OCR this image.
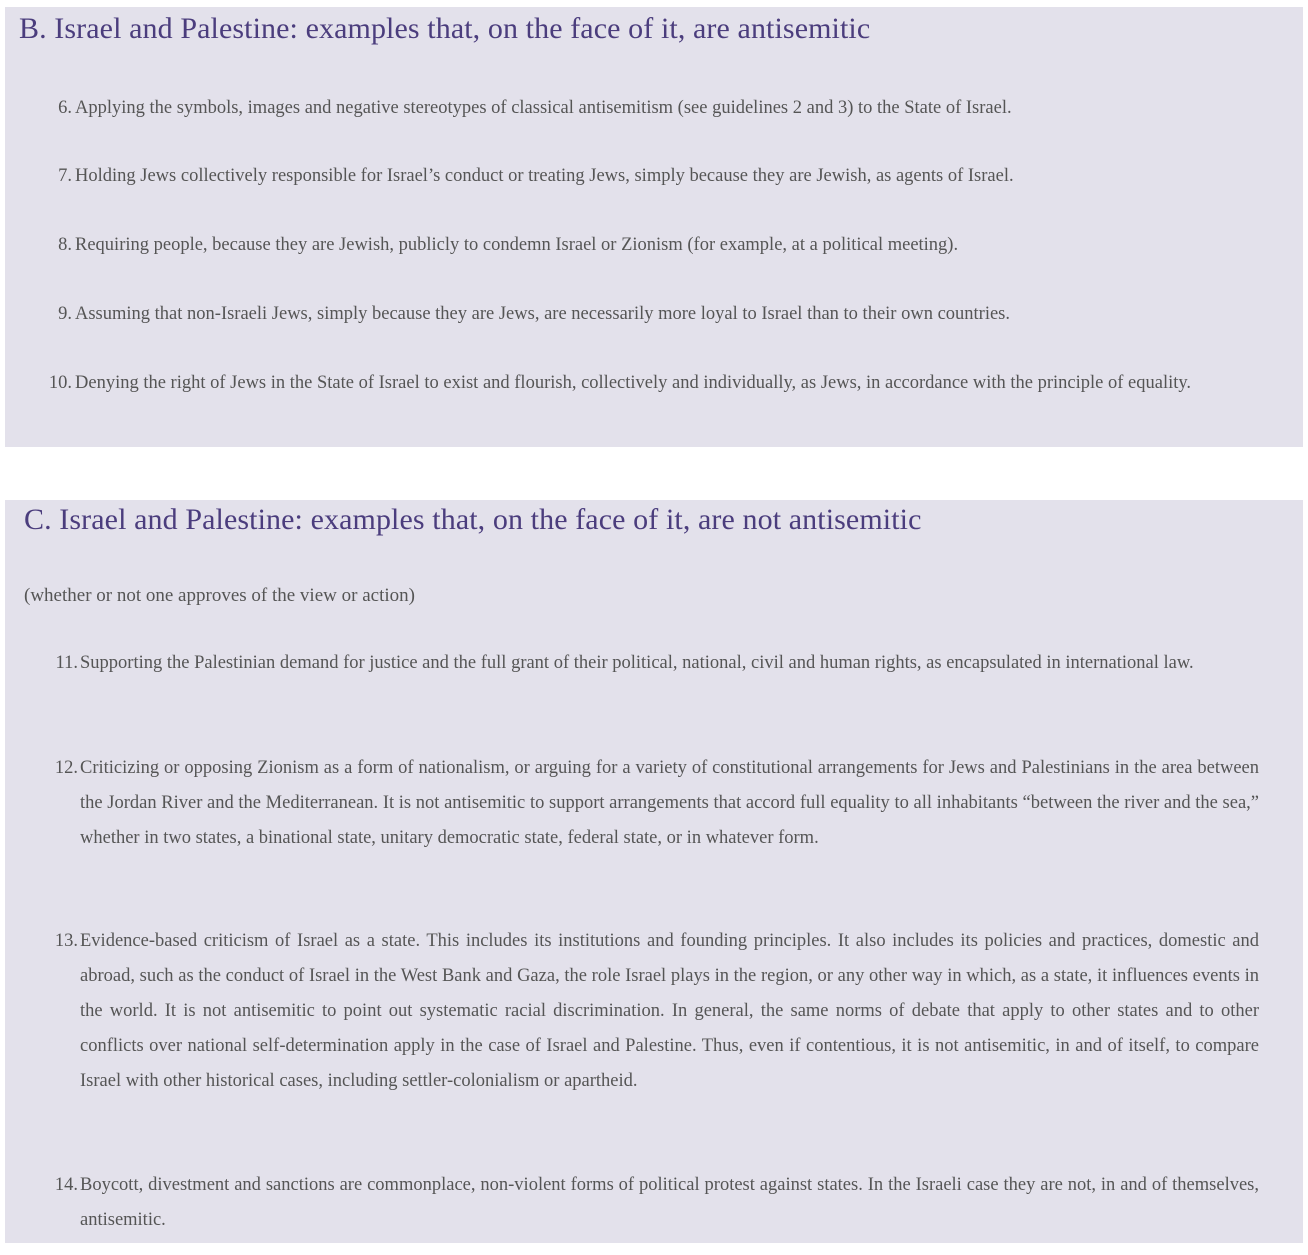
B. Israel and Palestine: examples that, on the face of it, are antisemitic
6. Applying the symbols, images and negative stereotypes of classical antisemitism (see guidelines 2 and 3) to the State of Israel.
7. Holding Jews collectively responsible for Israel’s conduct or treating Jews, simply because they are Jewish, as agents of Israel.
8. Requiring people, because they are Jewish, publicly to condemn Israel or Zionism (for example, at a political meeting).
9. Assuming that non-Israeli Jews, simply because they are Jews, are necessarily more loyal to Israel than to their own countries.
10. Denying the right of Jews in the State of Israel to exist and flourish, collectively and individually, as Jews, in accordance with the principle of equality.
C. Israel and Palestine: examples that, on the face of it, are not antisemitic
(whether or not one approves of the view or action)
11. Supporting the Palestinian demand for justice and the full grant of their political, national, civil and human rights, as encapsulated in international law.
12. Criticizing or opposing Zionism as a form of nationalism, or arguing for a variety of constitutional arrangements for Jews and Palestinians in the area between the Jordan River and the Mediterranean. It is not antisemitic to support arrangements that accord full equality to all inhabitants “between the river and the sea,” whether in two states, a binational state, unitary democratic state, federal state, or in whatever form.
13. Evidence-based criticism of Israel as a state. This includes its institutions and founding principles. It also includes its policies and practices, domestic and abroad, such as the conduct of Israel in the West Bank and Gaza, the role Israel plays in the region, or any other way in which, as a state, it influences events in the world. It is not antisemitic to point out systematic racial discrimination. In general, the same norms of debate that apply to other states and to other conflicts over national self-determination apply in the case of Israel and Palestine. Thus, even if contentious, it is not antisemitic, in and of itself, to compare Israel with other historical cases, including settler-colonialism or apartheid.
14. Boycott, divestment and sanctions are commonplace, non-violent forms of political protest against states. In the Israeli case they are not, in and of themselves, antisemitic.
